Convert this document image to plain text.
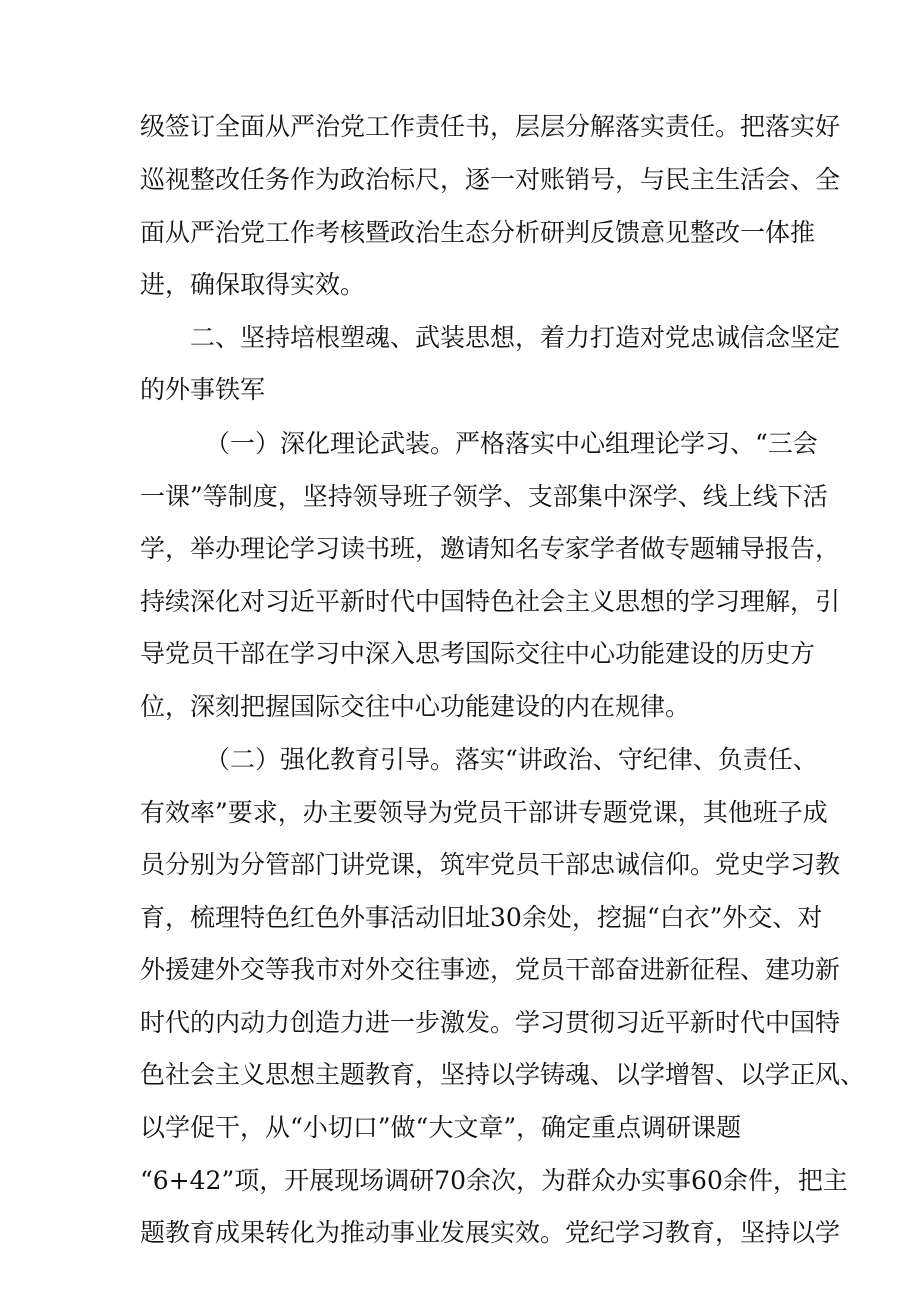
级签订全面从严治党工作责任书，层层分解落实责任。把落实好
巡视整改任务作为政治标尺，逐一对账销号，与民主生活会、全
面从严治党工作考核暨政治生态分析研判反馈意见整改一体推
进，确保取得实效。
二、坚持培根塑魂、武装思想，着力打造对党忠诚信念坚定
的外事铁军
（一）深化理论武装。严格落实中心组理论学习、“三会
一课”等制度，坚持领导班子领学、支部集中深学、线上线下活
学，举办理论学习读书班，邀请知名专家学者做专题辅导报告，
持续深化对习近平新时代中国特色社会主义思想的学习理解，引
导党员干部在学习中深入思考国际交往中心功能建设的历史方
位，深刻把握国际交往中心功能建设的内在规律。
（二）强化教育引导。落实“讲政治、守纪律、负责任、
有效率”要求，办主要领导为党员干部讲专题党课，其他班子成
员分别为分管部门讲党课，筑牢党员干部忠诚信仰。党史学习教
育，梳理特色红色外事活动旧址30余处，挖掘“白衣”外交、对
外援建外交等我市对外交往事迹，党员干部奋进新征程、建功新
时代的内动力创造力进一步激发。学习贯彻习近平新时代中国特
色社会主义思想主题教育，坚持以学铸魂、以学增智、以学正风、
以学促干，从“小切口”做“大文章”，确定重点调研课题
“6+42”项，开展现场调研70余次，为群众办实事60余件，把主
题教育成果转化为推动事业发展实效。党纪学习教育，坚持以学
